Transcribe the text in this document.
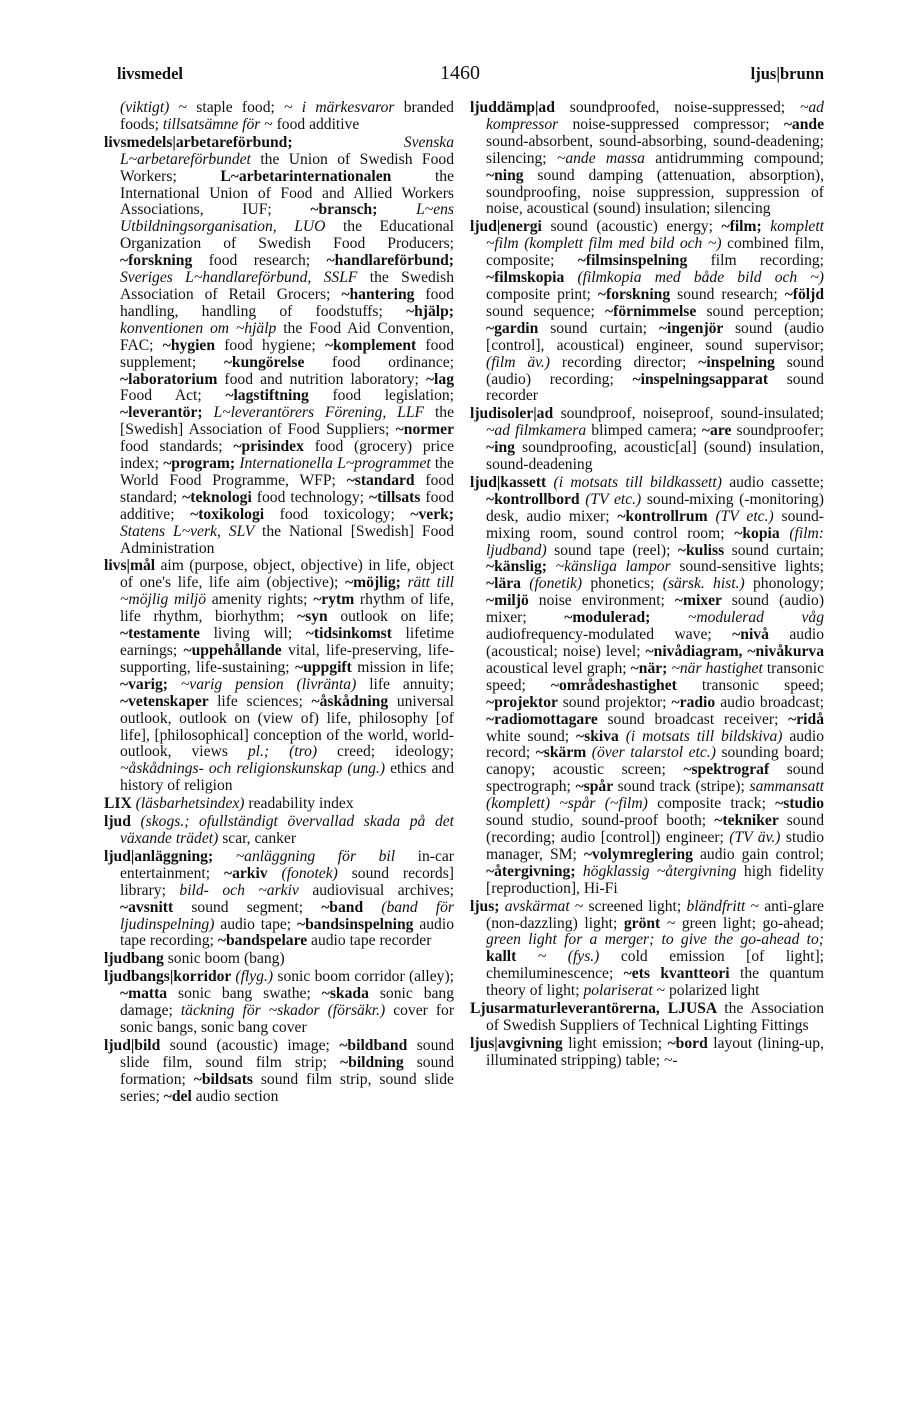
livsmedel	1460	ljus|brunn

(viktigt) ~ staple food; ~ i märkesvaror branded foods; tillsatsämne för ~ food additive

livsmedels|arbetareförbund; Svenska L~arbetareförbundet the Union of Swedish Food Workers; L~arbetarinternationalen the International Union of Food and Allied Workers Associations, IUF; ~bransch; L~ens Utbildningsorganisation, LUO the Educational Organization of Swedish Food Producers; ~forskning food research; ~handlareförbund; Sveriges L~handlareförbund, SSLF the Swedish Association of Retail Grocers; ~hantering food handling, handling of foodstuffs; ~hjälp; konventionen om ~hjälp the Food Aid Convention, FAC; ~hygien food hygiene; ~komplement food supplement; ~kungörelse food ordinance; ~laboratorium food and nutrition laboratory; ~lag Food Act; ~lagstiftning food legislation; ~leverantör; L~leverantörers Förening, LLF the [Swedish] Association of Food Suppliers; ~normer food standards; ~prisindex food (grocery) price index; ~program; Internationella L~programmet the World Food Programme, WFP; ~standard food standard; ~teknologi food technology; ~tillsats food additive; ~toxikologi food toxicology; ~verk; Statens L~verk, SLV the National [Swedish] Food Administration

livs|mål aim (purpose, object, objective) in life, object of one's life, life aim (objective); ~möjlig; rätt till ~möjlig miljö amenity rights; ~rytm rhythm of life, life rhythm, biorhythm; ~syn outlook on life; ~testamente living will; ~tidsinkomst lifetime earnings; ~uppehållande vital, life-preserving, life-supporting, life-sustaining; ~uppgift mission in life; ~varig; ~varig pension (livränta) life annuity; ~vetenskaper life sciences; ~åskådning universal outlook, outlook on (view of) life, philosophy [of life], [philosophical] conception of the world, world-outlook, views pl.; (tro) creed; ideology; ~åskådnings- och religionskunskap (ung.) ethics and history of religion

LIX (läsbarhetsindex) readability index

ljud (skogs.; ofullständigt övervallad skada på det växande trädet) scar, canker

ljud|anläggning; ~anläggning för bil in-car entertainment; ~arkiv (fonotek) sound records] library; bild- och ~arkiv audiovisual archives; ~avsnitt sound segment; ~band (band för ljudinspelning) audio tape; ~bandsinspelning audio tape recording; ~bandspelare audio tape recorder

ljudbang sonic boom (bang)

ljudbangs|korridor (flyg.) sonic boom corridor (alley); ~matta sonic bang swathe; ~skada sonic bang damage; täckning för ~skador (försäkr.) cover for sonic bangs, sonic bang cover

ljud|bild sound (acoustic) image; ~bildband sound slide film, sound film strip; ~bildning sound formation; ~bildsats sound film strip, sound slide series; ~del audio section

ljuddämp|ad soundproofed, noise-suppressed; ~ad kompressor noise-suppressed compressor; ~ande sound-absorbent, sound-absorbing, sound-deadening; silencing; ~ande massa antidrumming compound; ~ning sound damping (attenuation, absorption), soundproofing, noise suppression, suppression of noise, acoustical (sound) insulation; silencing

ljud|energi sound (acoustic) energy; ~film; komplett ~film (komplett film med bild och ~) combined film, composite; ~filmsinspelning film recording; ~filmskopia (filmkopia med både bild och ~) composite print; ~forskning sound research; ~följd sound sequence; ~förnimmelse sound perception; ~gardin sound curtain; ~ingenjör sound (audio [control], acoustical) engineer, sound supervisor; (film äv.) recording director; ~inspelning sound (audio) recording; ~inspelningsapparat sound recorder

ljudisoler|ad soundproof, noiseproof, sound-insulated; ~ad filmkamera blimped camera; ~are soundproofer; ~ing soundproofing, acoustic[al] (sound) insulation, sound-deadening

ljud|kassett (i motsats till bildkassett) audio cassette; ~kontrollbord (TV etc.) sound-mixing (-monitoring) desk, audio mixer; ~kontrollrum (TV etc.) sound-mixing room, sound control room; ~kopia (film: ljudband) sound tape (reel); ~kuliss sound curtain; ~känslig; ~känsliga lampor sound-sensitive lights; ~lära (fonetik) phonetics; (särsk. hist.) phonology; ~miljö noise environment; ~mixer sound (audio) mixer; ~modulerad; ~modulerad våg audiofrequency-modulated wave; ~nivå audio (acoustical; noise) level; ~nivådiagram, ~nivåkurva acoustical level graph; ~när; ~när hastighet transonic speed; ~områdeshastighet transonic speed; ~projektor sound projektor; ~radio audio broadcast; ~radiomottagare sound broadcast receiver; ~ridå white sound; ~skiva (i motsats till bildskiva) audio record; ~skärm (över talarstol etc.) sounding board; canopy; acoustic screen; ~spektrograf sound spectrograph; ~spår sound track (stripe); sammansatt (komplett) ~spår (~film) composite track; ~studio sound studio, sound-proof booth; ~tekniker sound (recording; audio [control]) engineer; (TV äv.) studio manager, SM; ~volymreglering audio gain control; ~återgivning; högklassig ~återgivning high fidelity [reproduction], Hi-Fi

ljus; avskärmat ~ screened light; bländfritt ~ anti-glare (non-dazzling) light; grönt ~ green light; go-ahead; green light for a merger; to give the go-ahead to; kallt ~ (fys.) cold emission [of light]; chemiluminescence; ~ets kvantteori the quantum theory of light; polariserat ~ polarized light

Ljusarmaturleverantörerna, LJUSA the Association of Swedish Suppliers of Technical Lighting Fittings

ljus|avgivning light emission; ~bord layout (lining-up, illuminated stripping) table; ~-
